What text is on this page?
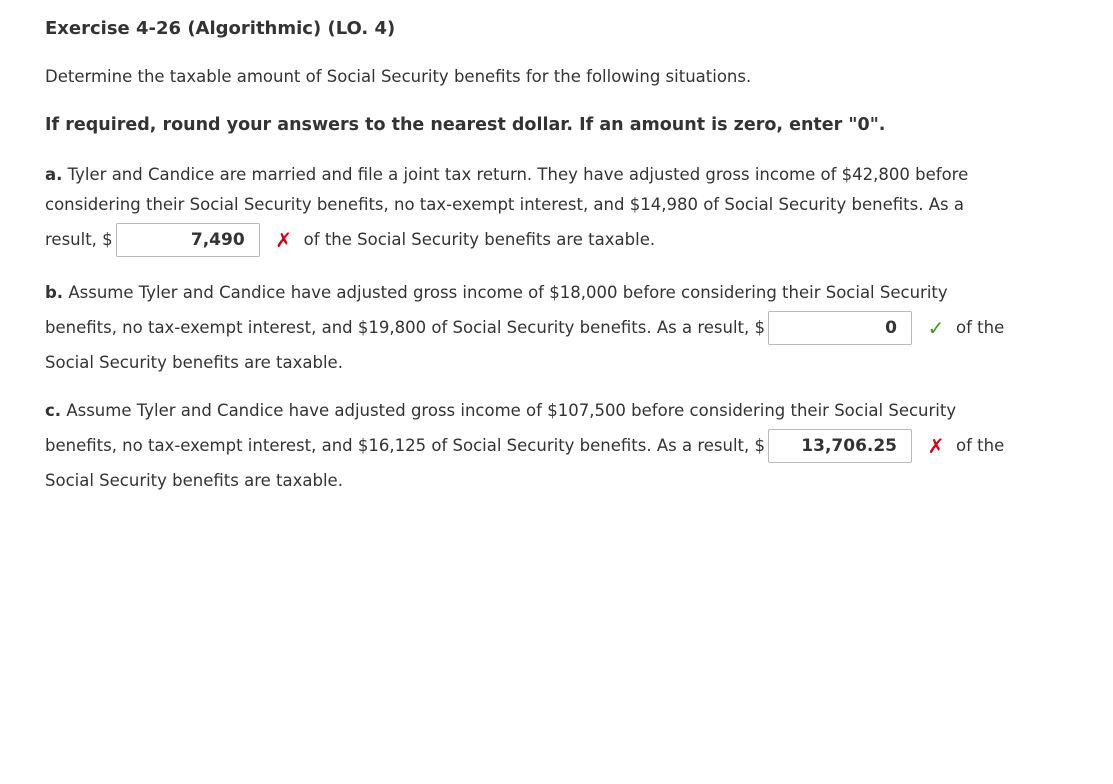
Exercise 4-26 (Algorithmic) (LO. 4)
Determine the taxable amount of Social Security benefits for the following situations.
If required, round your answers to the nearest dollar. If an amount is zero, enter "0".
a. Tyler and Candice are married and file a joint tax return. They have adjusted gross income of $42,800 before
considering their Social Security benefits, no tax-exempt interest, and $14,980 of Social Security benefits. As a
result, $	7,490	✗ of the Social Security benefits are taxable.
b. Assume Tyler and Candice have adjusted gross income of $18,000 before considering their Social Security
benefits, no tax-exempt interest, and $19,800 of Social Security benefits. As a result, $	0	✓ of the
Social Security benefits are taxable.
c. Assume Tyler and Candice have adjusted gross income of $107,500 before considering their Social Security
benefits, no tax-exempt interest, and $16,125 of Social Security benefits. As a result, $	13,706.25	✗ of the
Social Security benefits are taxable.
